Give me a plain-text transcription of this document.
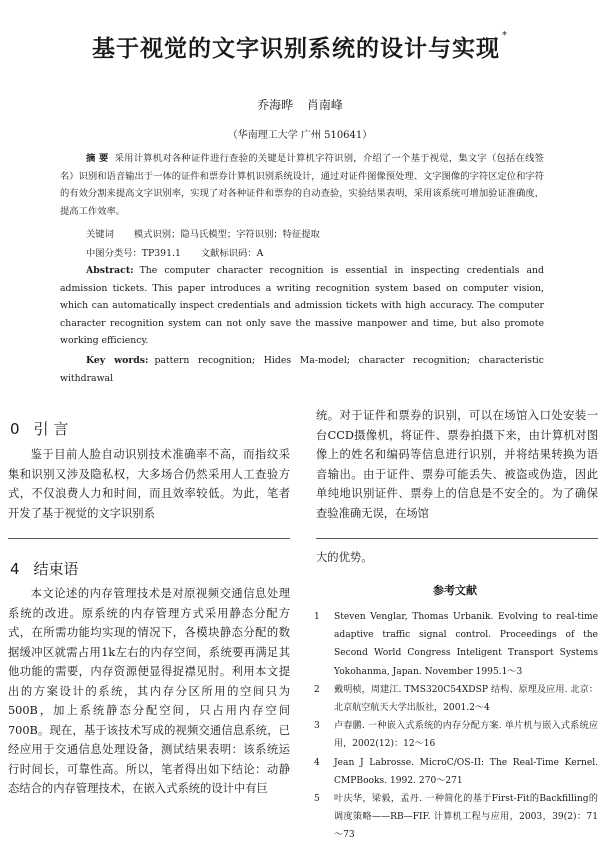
基于视觉的文字识别系统的设计与实现*
乔海晔 肖南峰
（华南理工大学 广州 510641）
摘 要 采用计算机对各种证件进行查验的关键是计算机字符识别，介绍了一个基于视觉，集文字（包括在线签名）识别和语音输出于一体的证件和票券计算机识别系统设计，通过对证件图像预处理、文字图像的字符区定位和字符的有效分割来提高文字识别率，实现了对各种证件和票券的自动查验，实验结果表明，采用该系统可增加验证准确度，提高工作效率。
关键词 模式识别；隐马氏模型；字符识别；特征提取
中图分类号：TP391.1 文献标识码：A
Abstract: The computer character recognition is essential in inspecting credentials and admission tickets. This paper introduces a writing recognition system based on computer vision, which can automatically inspect credentials and admission tickets with high accuracy. The computer character recognition system can not only save the massive manpower and time, but also promote working efficiency.
Key words: pattern recognition; Hides Ma-model; character recognition; characteristic withdrawal
0 引 言

鉴于目前人脸自动识别技术准确率不高，而指纹采集和识别又涉及隐私权，大多场合仍然采用人工查验方式，不仅浪费人力和时间，而且效率较低。为此，笔者开发了基于视觉的文字识别系

统。对于证件和票券的识别，可以在场馆入口处安装一台CCD摄像机，将证件、票券拍摄下来，由计算机对图像上的姓名和编码等信息进行识别，并将结果转换为语音输出。由于证件、票券可能丢失、被盗或伪造，因此单纯地识别证件、票券上的信息是不安全的。为了确保查验准确无误，在场馆

4 结束语

本文论述的内存管理技术是对原视频交通信息处理系统的改进。原系统的内存管理方式采用静态分配方式，在所需功能均实现的情况下，各模块静态分配的数据缓冲区就需占用1k左右的内存空间，系统要再满足其他功能的需要，内存资源便显得捉襟见肘。利用本文提出的方案设计的系统，其内存分区所用的空间只为500B，加上系统静态分配空间，只占用内存空间700B。现在，基于该技术写成的视频交通信息系统，已经应用于交通信息处理设备，测试结果表明：该系统运行时间长，可靠性高。所以，笔者得出如下结论：动静态结合的内存管理技术，在嵌入式系统的设计中有巨

大的优势。

参考文献
1 Steven Venglar, Thomas Urbanik. Evolving to real-time adaptive traffic signal control. Proceedings of the Second World Congress Inteligent Transport Systems Yokohanma, Japan. November 1995.1～3
2 戴明桢，周建江. TMS320C54XDSP 结构、原理及应用. 北京：北京航空航天大学出版社，2001.2～4
3 卢春鹏. 一种嵌入式系统的内存分配方案. 单片机与嵌入式系统应用，2002(12)：12～16
4 Jean J Labrosse. MicroC/OS-II: The Real-Time Kernel. CMPBooks. 1992. 270～271
5 叶庆华，梁毅，孟丹. 一种简化的基于First-Fit的Backfilling的调度策略——RB—FIF. 计算机工程与应用，2003，39(2)：71～73
